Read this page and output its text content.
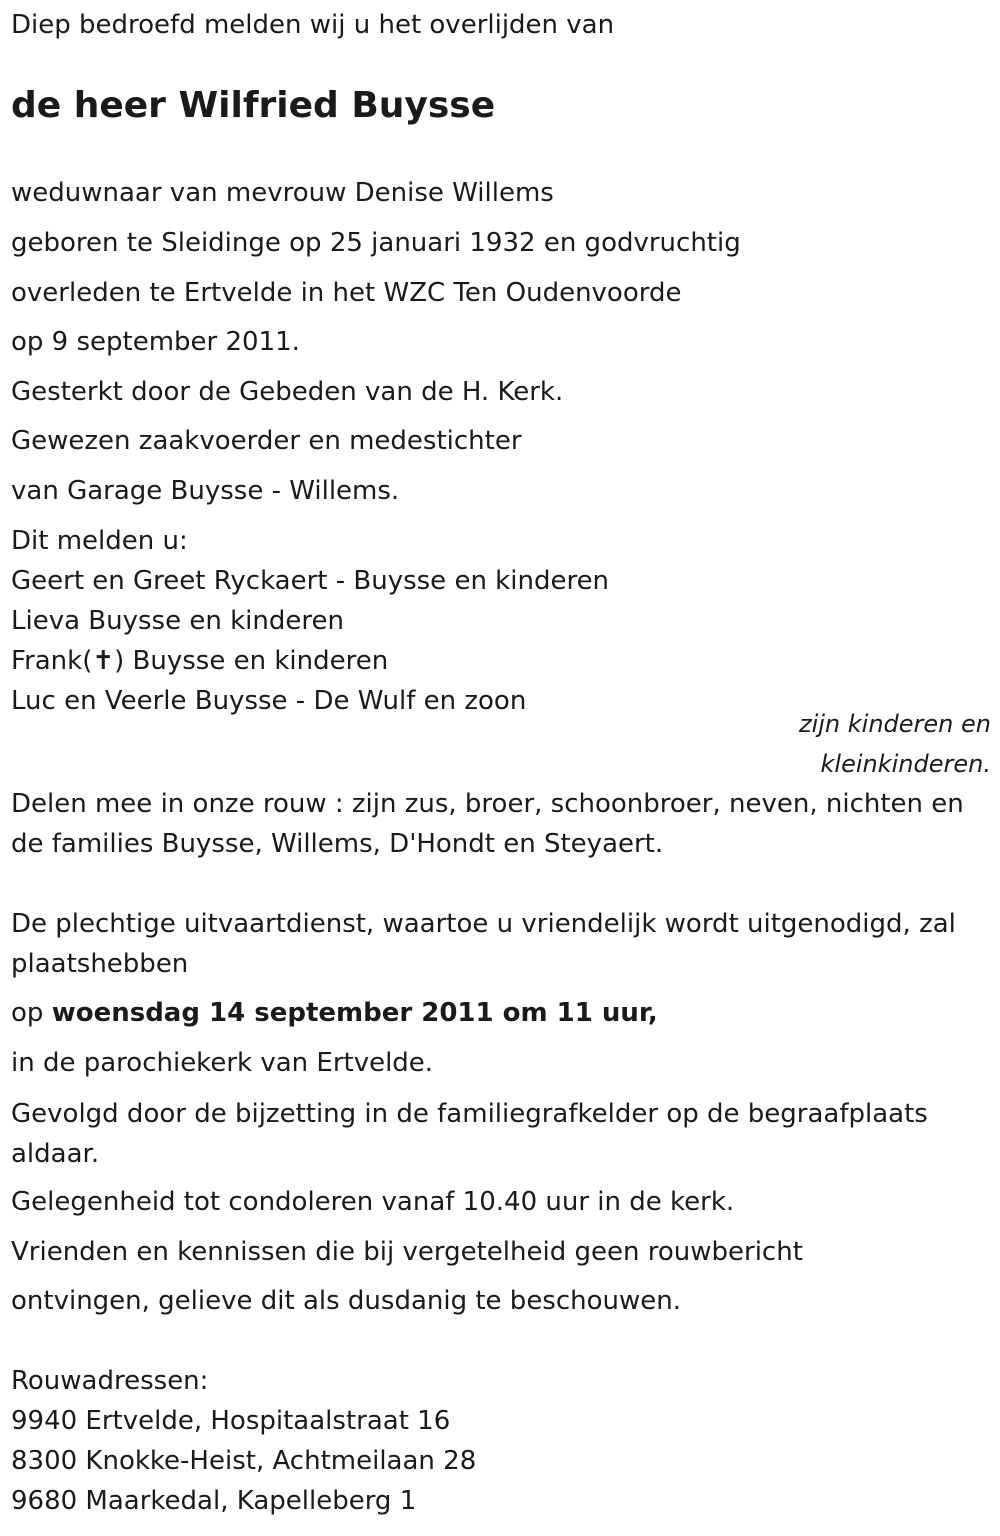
Diep bedroefd melden wij u het overlijden van
de heer Wilfried Buysse
weduwnaar van mevrouw Denise Willems
geboren te Sleidinge op 25 januari 1932 en godvruchtig
overleden te Ertvelde in het WZC Ten Oudenvoorde
op 9 september 2011.
Gesterkt door de Gebeden van de H. Kerk.
Gewezen zaakvoerder en medestichter
van Garage Buysse - Willems.
Dit melden u:
Geert en Greet Ryckaert - Buysse en kinderen
Lieva Buysse en kinderen
Frank(✝) Buysse en kinderen
Luc en Veerle Buysse - De Wulf en zoon
zijn kinderen en
kleinkinderen.
Delen mee in onze rouw : zijn zus, broer, schoonbroer, neven, nichten en de families Buysse, Willems, D'Hondt en Steyaert.
De plechtige uitvaartdienst, waartoe u vriendelijk wordt uitgenodigd, zal plaatshebben
op woensdag 14 september 2011 om 11 uur,
in de parochiekerk van Ertvelde.
Gevolgd door de bijzetting in de familiegrafkelder op de begraafplaats aldaar.
Gelegenheid tot condoleren vanaf 10.40 uur in de kerk.
Vrienden en kennissen die bij vergetelheid geen rouwbericht
ontvingen, gelieve dit als dusdanig te beschouwen.
Rouwadressen:
9940 Ertvelde, Hospitaalstraat 16
8300 Knokke-Heist, Achtmeilaan 28
9680 Maarkedal, Kapelleberg 1
